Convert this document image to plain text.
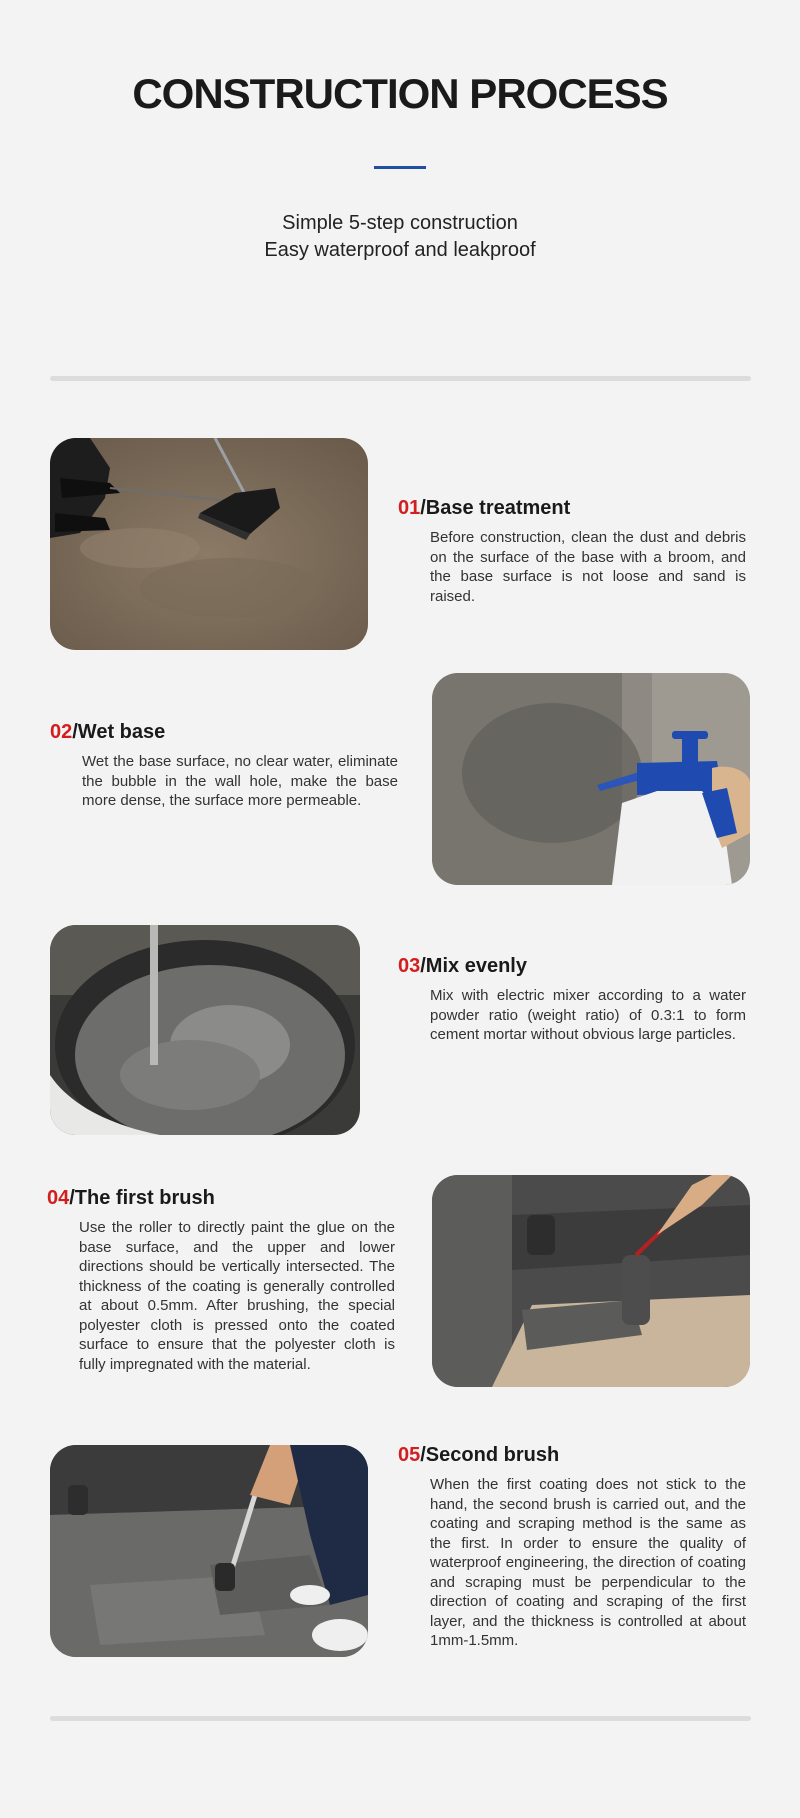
CONSTRUCTION PROCESS
Simple 5-step construction
Easy waterproof and leakproof
01/Base treatment
Before construction, clean the dust and debris on the surface of the base with a broom, and the base surface is not loose and sand is raised.
02/Wet base
Wet the base surface, no clear water, eliminate the bubble in the wall hole, make the base more dense, the surface more permeable.
03/Mix evenly
Mix with electric mixer according to a water powder ratio (weight ratio) of 0.3:1 to form cement mortar without obvious large particles.
04/The first brush
Use the roller to directly paint the glue on the base surface, and the upper and lower directions should be vertically intersected. The thickness of the coating is generally controlled at about 0.5mm. After brushing, the special polyester cloth is pressed onto the coated surface to ensure that the polyester cloth is fully impregnated with the material.
05/Second brush
When the first coating does not stick to the hand, the second brush is carried out, and the coating and scraping method is the same as the first. In order to ensure the quality of waterproof engineering, the direction of coating and scraping must be perpendicular to the direction of coating and scraping of the first layer, and the thickness is controlled at about 1mm-1.5mm.
